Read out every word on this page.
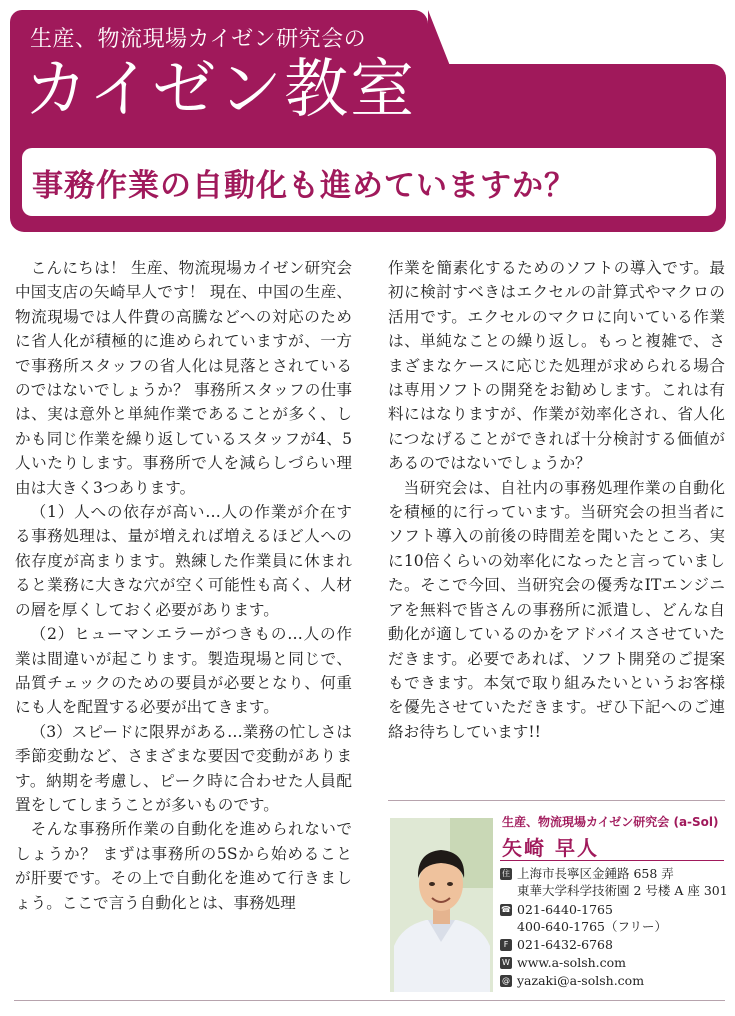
生産、物流現場カイゼン研究会の
カイゼン教室
事務作業の自動化も進めていますか？

こんにちは！ 生産、物流現場カイゼン研究会中国支店の矢崎早人です！ 現在、中国の生産、物流現場では人件費の高騰などへの対応のために省人化が積極的に進められていますが、一方で事務所スタッフの省人化は見落とされているのではないでしょうか？ 事務所スタッフの仕事は、実は意外と単純作業であることが多く、しかも同じ作業を繰り返しているスタッフが4、5人いたりします。事務所で人を減らしづらい理由は大きく3つあります。

（1）人への依存が高い…人の作業が介在する事務処理は、量が増えれば増えるほど人への依存度が高まります。熟練した作業員に休まれると業務に大きな穴が空く可能性も高く、人材の層を厚くしておく必要があります。

（2）ヒューマンエラーがつきもの…人の作業は間違いが起こります。製造現場と同じで、品質チェックのための要員が必要となり、何重にも人を配置する必要が出てきます。

（3）スピードに限界がある…業務の忙しさは季節変動など、さまざまな要因で変動があります。納期を考慮し、ピーク時に合わせた人員配置をしてしまうことが多いものです。

そんな事務所作業の自動化を進められないでしょうか？ まずは事務所の5Sから始めることが肝要です。その上で自動化を進めて行きましょう。ここで言う自動化とは、事務処理

作業を簡素化するためのソフトの導入です。最初に検討すべきはエクセルの計算式やマクロの活用です。エクセルのマクロに向いている作業は、単純なことの繰り返し。もっと複雑で、さまざまなケースに応じた処理が求められる場合は専用ソフトの開発をお勧めします。これは有料にはなりますが、作業が効率化され、省人化につなげることができれば十分検討する価値があるのではないでしょうか？

当研究会は、自社内の事務処理作業の自動化を積極的に行っています。当研究会の担当者にソフト導入の前後の時間差を聞いたところ、実に10倍くらいの効率化になったと言っていました。そこで今回、当研究会の優秀なITエンジニアを無料で皆さんの事務所に派遣し、どんな自動化が適しているのかをアドバイスさせていただきます。必要であれば、ソフト開発のご提案もできます。本気で取り組みたいというお客様を優先させていただきます。ぜひ下記へのご連絡お待ちしています!!

生産、物流現場カイゼン研究会 (a-Sol)
矢崎 早人
住 上海市長寧区金鍾路 658 弄
東華大学科学技術園 2 号楼 A 座 301
☎ 021-6440-1765
400-640-1765（フリー）
F 021-6432-6768
W www.a-solsh.com
@ yazaki@a-solsh.com
